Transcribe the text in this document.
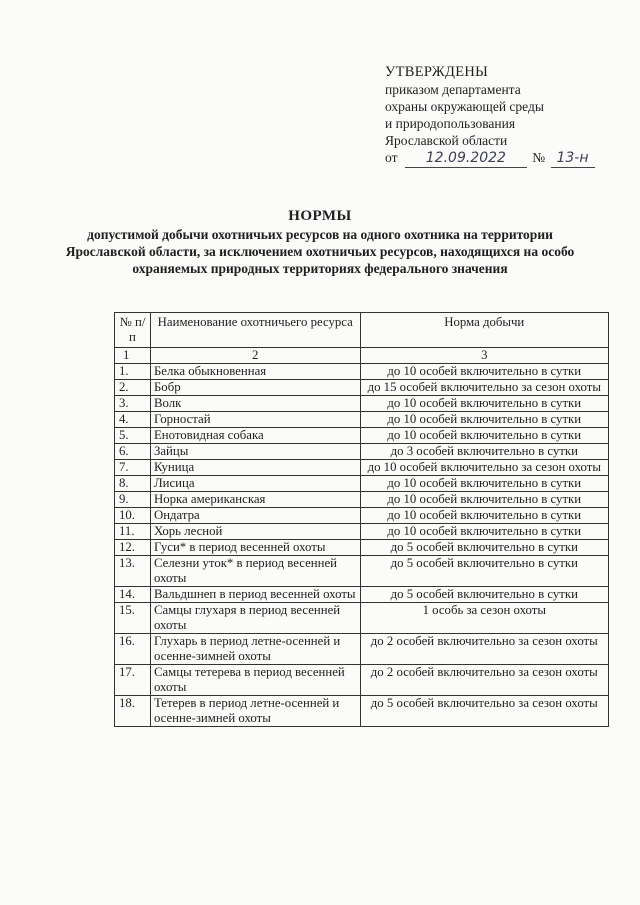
УТВЕРЖДЕНЫ
приказом департамента
охраны окружающей среды
и природопользования
Ярославской области
от 12.09.2022 № 13-н
НОРМЫ
допустимой добычи охотничьих ресурсов на одного охотника на территории Ярославской области, за исключением охотничьих ресурсов, находящихся на особо охраняемых природных территориях федерального значения
№ п/п	Наименование охотничьего ресурса	Норма добычи
1	2	3
1.	Белка обыкновенная	до 10 особей включительно в сутки
2.	Бобр	до 15 особей включительно за сезон охоты
3.	Волк	до 10 особей включительно в сутки
4.	Горностай	до 10 особей включительно в сутки
5.	Енотовидная собака	до 10 особей включительно в сутки
6.	Зайцы	до 3 особей включительно в сутки
7.	Куница	до 10 особей включительно за сезон охоты
8.	Лисица	до 10 особей включительно в сутки
9.	Норка американская	до 10 особей включительно в сутки
10.	Ондатра	до 10 особей включительно в сутки
11.	Хорь лесной	до 10 особей включительно в сутки
12.	Гуси* в период весенней охоты	до 5 особей включительно в сутки
13.	Селезни уток* в период весенней охоты	до 5 особей включительно в сутки
14.	Вальдшнеп в период весенней охоты	до 5 особей включительно в сутки
15.	Самцы глухаря в период весенней охоты	1 особь за сезон охоты
16.	Глухарь в период летне-осенней и осенне-зимней охоты	до 2 особей включительно за сезон охоты
17.	Самцы тетерева в период весенней охоты	до 2 особей включительно за сезон охоты
18.	Тетерев в период летне-осенней и осенне-зимней охоты	до 5 особей включительно за сезон охоты
